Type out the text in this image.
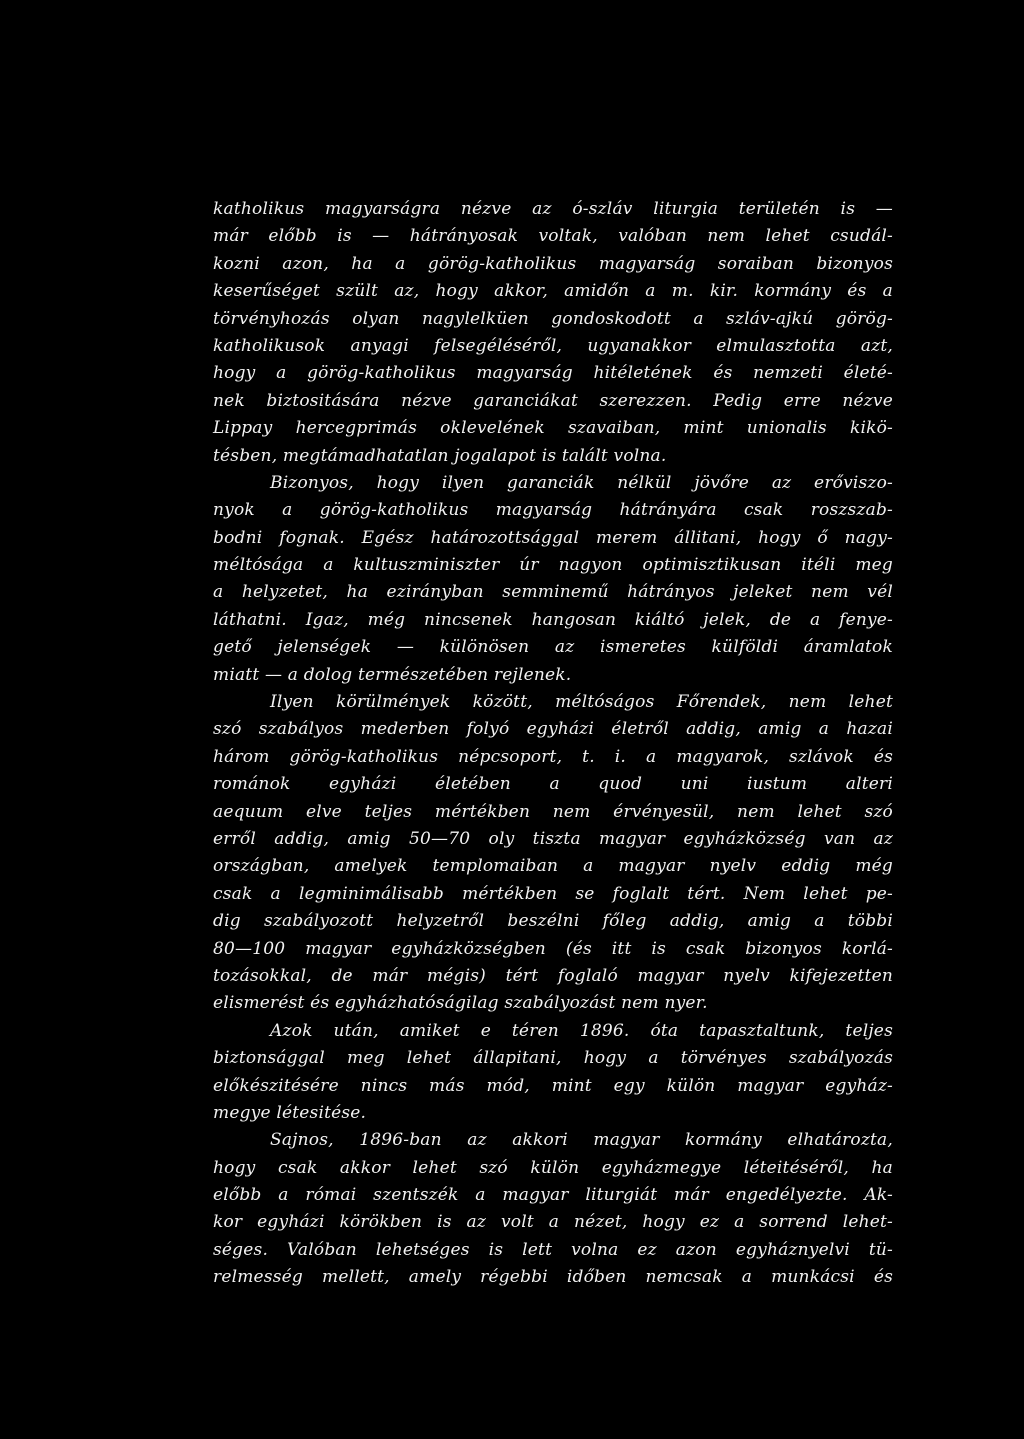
katholikus magyarságra nézve az ó-szláv liturgia területén is —
már előbb is — hátrányosak voltak, valóban nem lehet csudál-
kozni azon, ha a görög-katholikus magyarság soraiban bizonyos
keserűséget szült az, hogy akkor, amidőn a m. kir. kormány és a
törvényhozás olyan nagylelküen gondoskodott a szláv-ajkú görög-
katholikusok anyagi felsegéléséről, ugyanakkor elmulasztotta azt,
hogy a görög-katholikus magyarság hitéletének és nemzeti életé-
nek biztositására nézve garanciákat szerezzen. Pedig erre nézve
Lippay hercegprimás oklevelének szavaiban, mint unionalis kikö-
tésben, megtámadhatatlan jogalapot is talált volna.
Bizonyos, hogy ilyen garanciák nélkül jövőre az erőviszo-
nyok a görög-katholikus magyarság hátrányára csak roszszab-
bodni fognak. Egész határozottsággal merem állitani, hogy ő nagy-
méltósága a kultuszminiszter úr nagyon optimisztikusan itéli meg
a helyzetet, ha ezirányban semminemű hátrányos jeleket nem vél
láthatni. Igaz, még nincsenek hangosan kiáltó jelek, de a fenye-
gető jelenségek — különösen az ismeretes külföldi áramlatok
miatt — a dolog természetében rejlenek.
Ilyen körülmények között, méltóságos Főrendek, nem lehet
szó szabályos mederben folyó egyházi életről addig, amig a hazai
három görög-katholikus népcsoport, t. i. a magyarok, szlávok és
románok egyházi életében a quod uni iustum alteri
aequum elve teljes mértékben nem érvényesül, nem lehet szó
erről addig, amig 50—70 oly tiszta magyar egyházközség van az
országban, amelyek templomaiban a magyar nyelv eddig még
csak a legminimálisabb mértékben se foglalt tért. Nem lehet pe-
dig szabályozott helyzetről beszélni főleg addig, amig a többi
80—100 magyar egyházközségben (és itt is csak bizonyos korlá-
tozásokkal, de már mégis) tért foglaló magyar nyelv kifejezetten
elismerést és egyházhatóságilag szabályozást nem nyer.
Azok után, amiket e téren 1896. óta tapasztaltunk, teljes
biztonsággal meg lehet állapitani, hogy a törvényes szabályozás
előkészitésére nincs más mód, mint egy külön magyar egyház-
megye létesitése.
Sajnos, 1896-ban az akkori magyar kormány elhatározta,
hogy csak akkor lehet szó külön egyházmegye léteitéséről, ha
előbb a római szentszék a magyar liturgiát már engedélyezte. Ak-
kor egyházi körökben is az volt a nézet, hogy ez a sorrend lehet-
séges. Valóban lehetséges is lett volna ez azon egyháznyelvi tü-
relmesség mellett, amely régebbi időben nemcsak a munkácsi és
